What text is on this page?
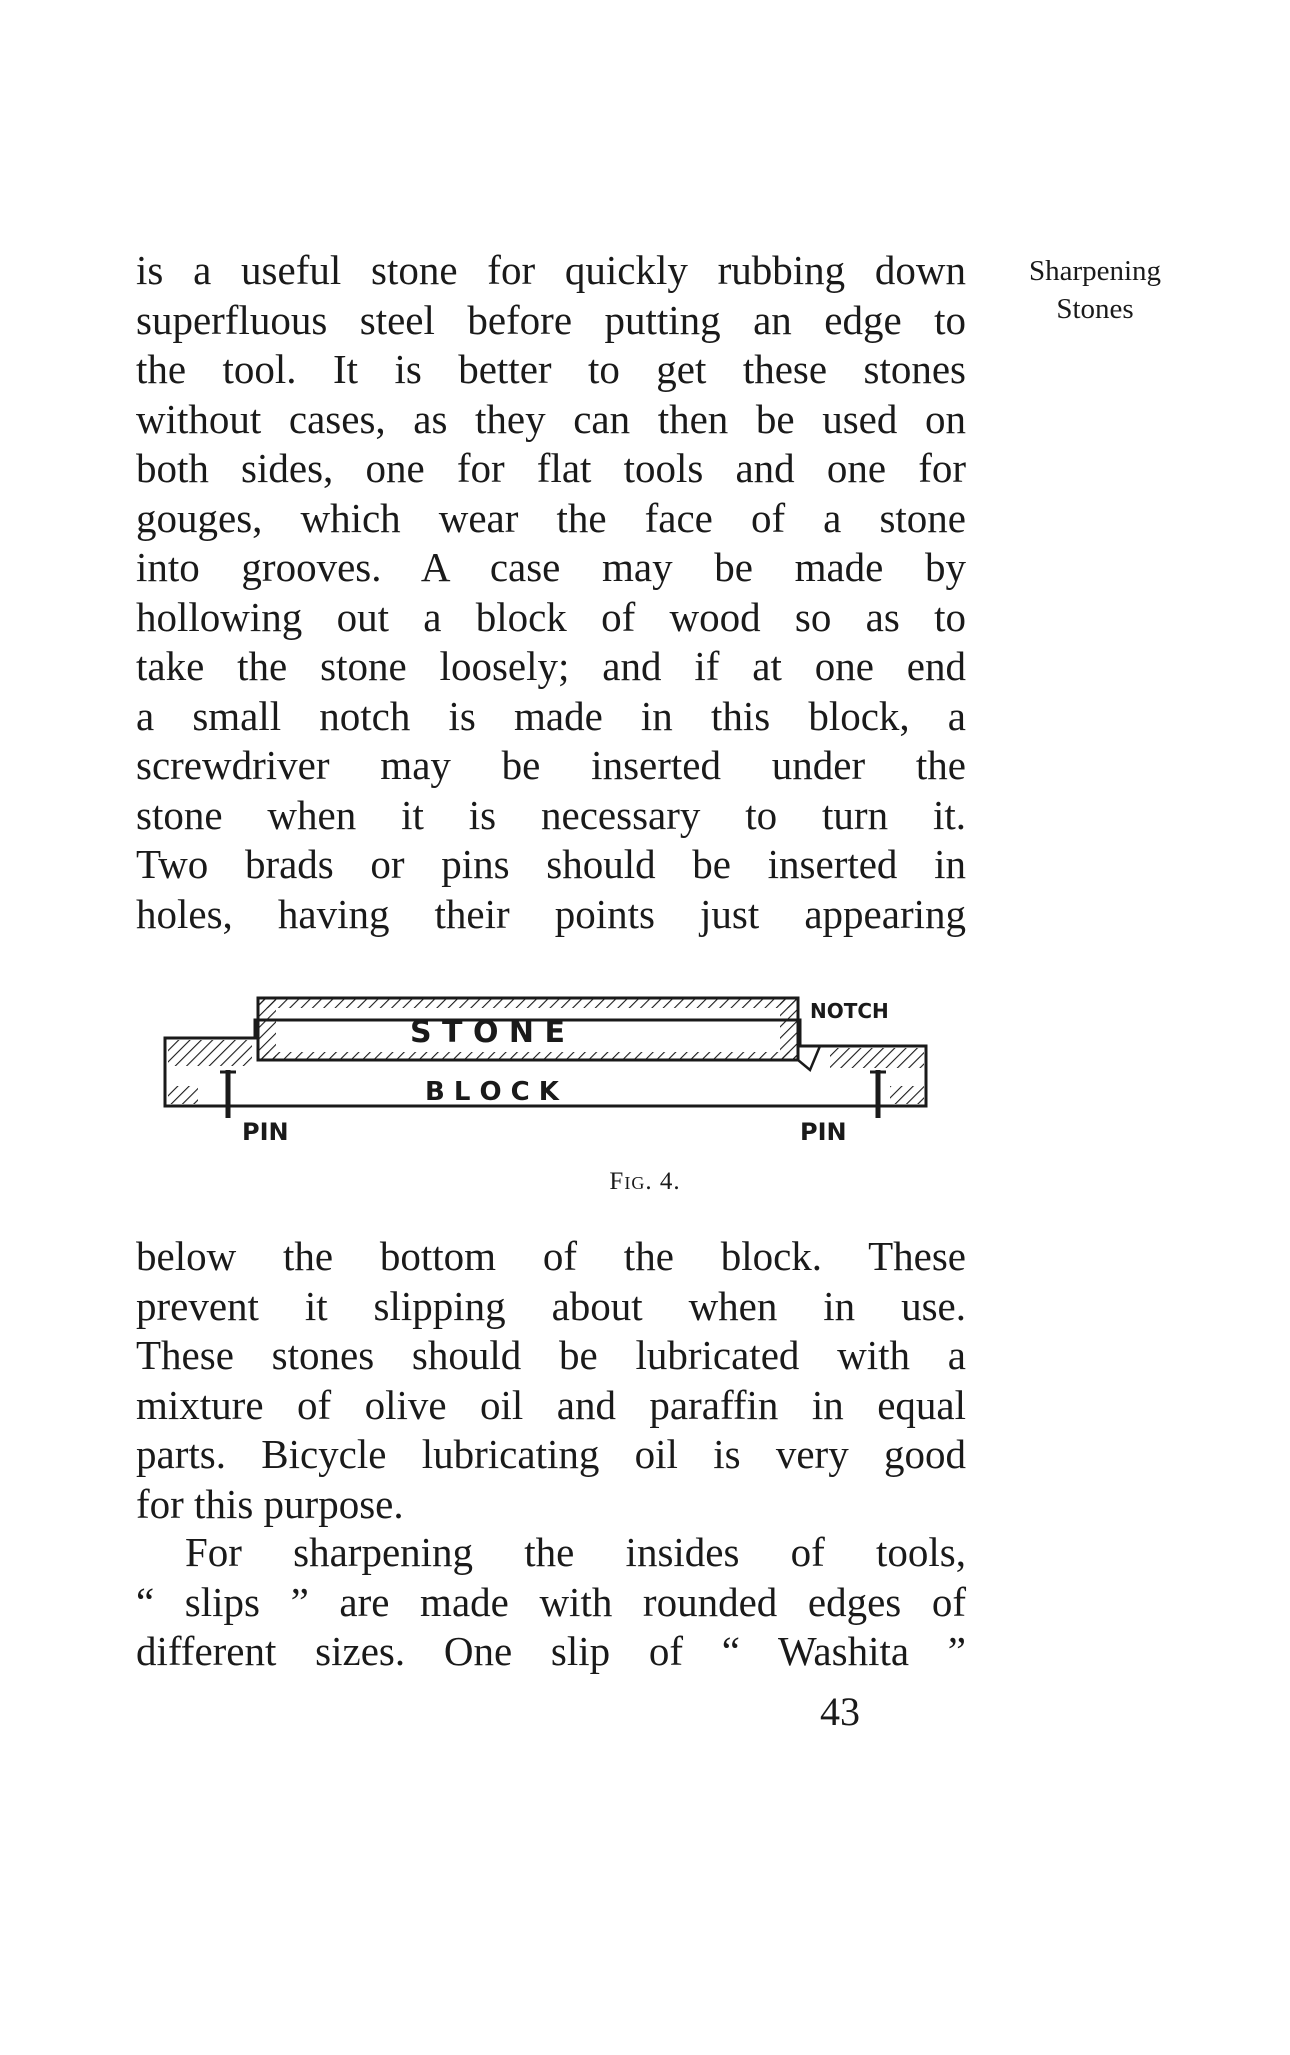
Sharpening
Stones
is a useful stone for quickly rubbing down
superfluous steel before putting an edge to
the tool. It is better to get these stones
without cases, as they can then be used on
both sides, one for flat tools and one for
gouges, which wear the face of a stone
into grooves. A case may be made by
hollowing out a block of wood so as to
take the stone loosely; and if at one end
a small notch is made in this block, a
screwdriver may be inserted under the
stone when it is necessary to turn it.
Two brads or pins should be inserted in
holes, having their points just appearing
S T O N E
B L O C K
NOTCH
PIN	PIN
Fig. 4.
below the bottom of the block. These
prevent it slipping about when in use.
These stones should be lubricated with a
mixture of olive oil and paraffin in equal
parts. Bicycle lubricating oil is very good
for this purpose.
For sharpening the insides of tools,
“ slips ” are made with rounded edges of
different sizes. One slip of “ Washita ”
43
